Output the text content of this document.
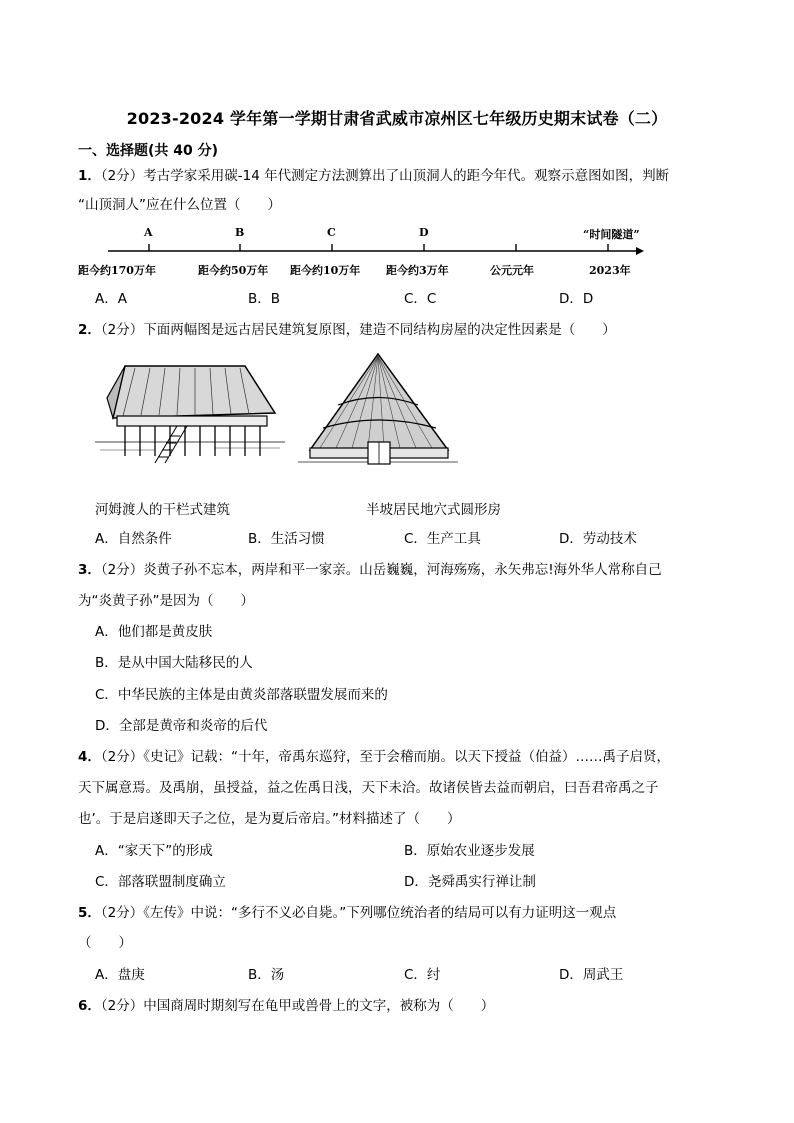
2023-2024 学年第一学期甘肃省武威市凉州区七年级历史期末试卷（二）
一、选择题(共 40 分)
1．（2分）考古学家采用碳-14 年代测定方法测算出了山顶洞人的距今年代。观察示意图如图，判断
“山顶洞人”应在什么位置（　　）
A	B	C	D	“时间隧道”
距今约170万年	距今约50万年 距今约10万年 距今约3万年	公元元年	2023年
A．A	B．B	C．C	D．D
2．（2分）下面两幅图是远古居民建筑复原图，建造不同结构房屋的决定性因素是（　　）
河姆渡人的干栏式建筑	半坡居民地穴式圆形房
A．自然条件	B．生活习惯	C．生产工具	D．劳动技术
3．（2分）炎黄子孙不忘本，两岸和平一家亲。山岳巍巍，河海殇殇，永矢弗忘!海外华人常称自己
为“炎黄子孙”是因为（　　）
A．他们都是黄皮肤
B．是从中国大陆移民的人
C．中华民族的主体是由黄炎部落联盟发展而来的
D．全部是黄帝和炎帝的后代
4．（2分）《史记》记载：“十年，帝禹东巡狩，至于会稽而崩。以天下授益（伯益）……禹子启贤，
天下属意焉。及禹崩，虽授益，益之佐禹日浅，天下未洽。故诸侯皆去益而朝启，曰吾君帝禹之子
也’。于是启遂即天子之位，是为夏后帝启。”材料描述了（　　）
A．“家天下”的形成	B．原始农业逐步发展
C．部落联盟制度确立	D．尧舜禹实行禅让制
5．（2分）《左传》中说：“多行不义必自毙。”下列哪位统治者的结局可以有力证明这一观点
（　　）
A．盘庚	B．汤	C．纣	D．周武王
6．（2分）中国商周时期刻写在龟甲或兽骨上的文字，被称为（　　）
